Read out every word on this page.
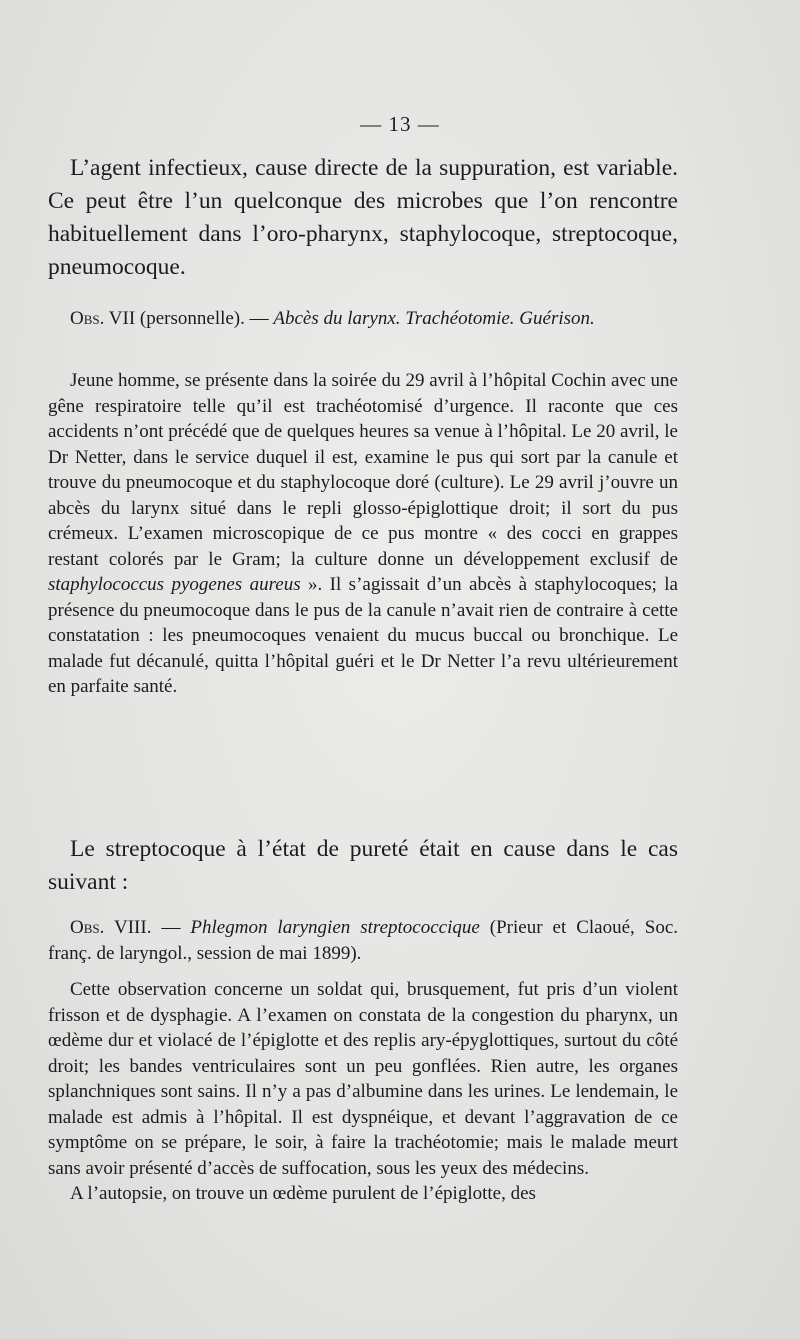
— 13 —

L’agent infectieux, cause directe de la suppuration, est variable. Ce peut être l’un quelconque des microbes que l’on rencontre habituellement dans l’oro-pharynx, staphylocoque, streptocoque, pneumocoque.

Obs. VII (personnelle). — Abcès du larynx. Trachéotomie. Guérison.

Jeune homme, se présente dans la soirée du 29 avril à l’hôpital Cochin avec une gêne respiratoire telle qu’il est trachéotomisé d’urgence. Il raconte que ces accidents n’ont précédé que de quelques heures sa venue à l’hôpital. Le 20 avril, le Dr Netter, dans le service duquel il est, examine le pus qui sort par la canule et trouve du pneumocoque et du staphylocoque doré (culture). Le 29 avril j’ouvre un abcès du larynx situé dans le repli glosso-épiglottique droit; il sort du pus crémeux. L’examen microscopique de ce pus montre « des cocci en grappes restant colorés par le Gram; la culture donne un développement exclusif de staphylococcus pyogenes aureus ». Il s’agissait d’un abcès à staphylocoques; la présence du pneumocoque dans le pus de la canule n’avait rien de contraire à cette constatation : les pneumocoques venaient du mucus buccal ou bronchique. Le malade fut décanulé, quitta l’hôpital guéri et le Dr Netter l’a revu ultérieurement en parfaite santé.

Le streptocoque à l’état de pureté était en cause dans le cas suivant :

Obs. VIII. — Phlegmon laryngien streptococcique (Prieur et Claoué, Soc. franç. de laryngol., session de mai 1899).

Cette observation concerne un soldat qui, brusquement, fut pris d’un violent frisson et de dysphagie. A l’examen on constata de la congestion du pharynx, un œdème dur et violacé de l’épiglotte et des replis ary-épyglottiques, surtout du côté droit; les bandes ventriculaires sont un peu gonflées. Rien autre, les organes splanchniques sont sains. Il n’y a pas d’albumine dans les urines. Le lendemain, le malade est admis à l’hôpital. Il est dyspnéique, et devant l’aggravation de ce symptôme on se prépare, le soir, à faire la trachéotomie; mais le malade meurt sans avoir présenté d’accès de suffocation, sous les yeux des médecins.

A l’autopsie, on trouve un œdème purulent de l’épiglotte, des
